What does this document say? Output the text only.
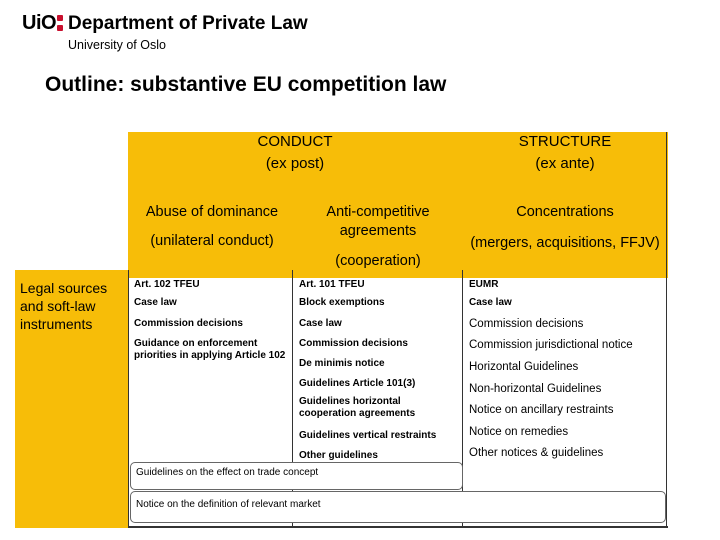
UiO Department of Private Law
University of Oslo
Outline: substantive EU competition law
CONDUCT
(ex post)
STRUCTURE
(ex ante)
Abuse of dominance
(unilateral conduct)
Anti-competitive agreements
(cooperation)
Concentrations
(mergers, acquisitions, FFJV)
Legal sources and soft-law instruments
Art. 102 TFEU
Case law
Commission decisions
Guidance on enforcement priorities in applying Article 102
Art. 101 TFEU
Block exemptions
Case law
Commission decisions
De minimis notice
Guidelines Article 101(3)
Guidelines horizontal cooperation agreements
Guidelines vertical restraints
Other guidelines
EUMR
Case law
Commission decisions
Commission jurisdictional notice
Horizontal Guidelines
Non-horizontal Guidelines
Notice on ancillary restraints
Notice on remedies
Other notices & guidelines
Guidelines on the effect on trade concept
Notice on the definition of relevant market
